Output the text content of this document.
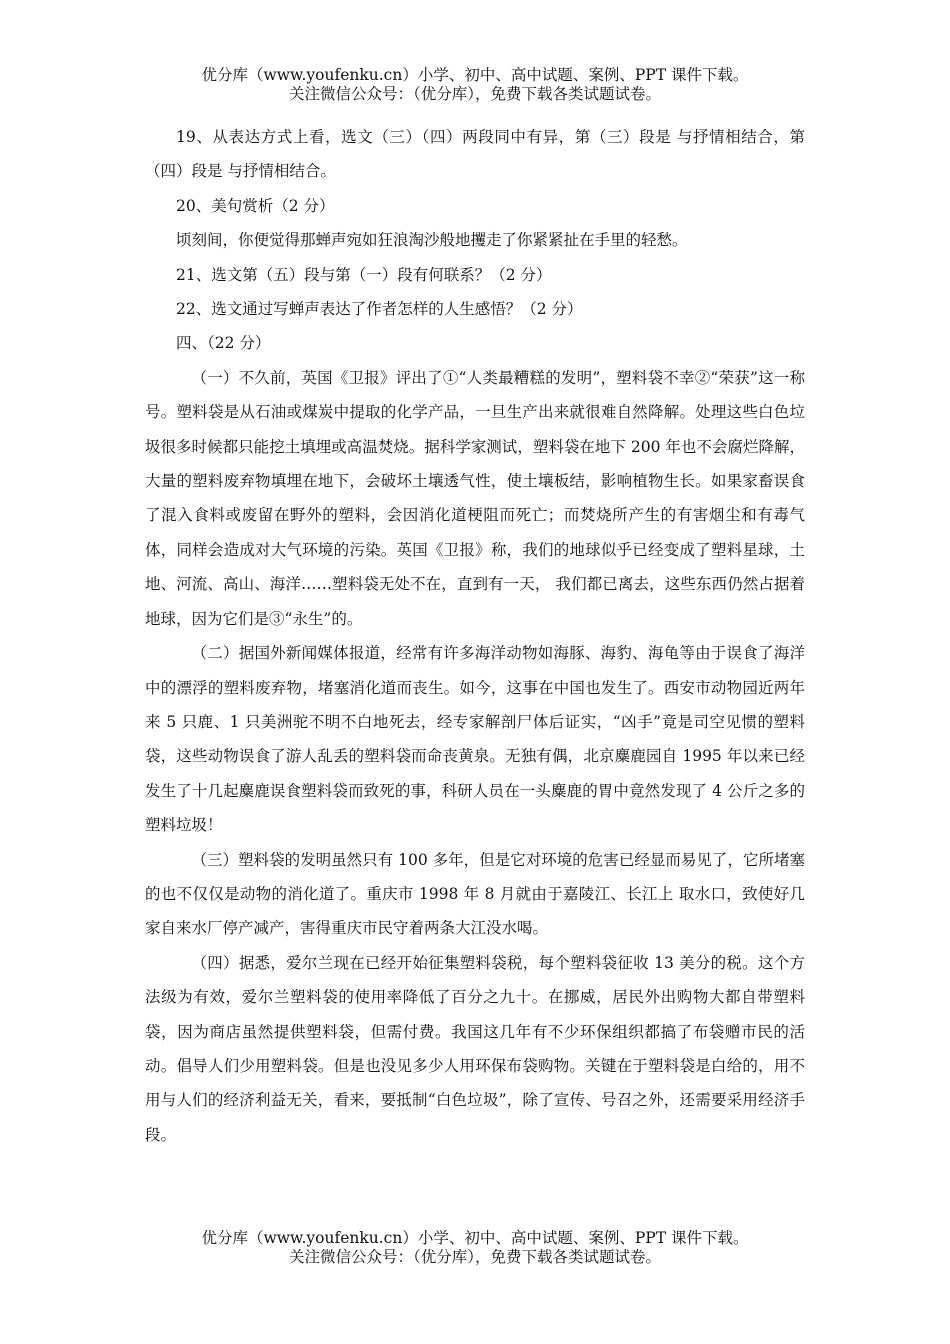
优分库（www.youfenku.cn）小学、初中、高中试题、案例、PPT 课件下载。
关注微信公众号：（优分库），免费下载各类试题试卷。

19、从表达方式上看，选文（三）（四）两段同中有异，第（三）段是 与抒情相结合，第（四）段是 与抒情相结合。

20、美句赏析（2 分）

顷刻间，你便觉得那蝉声宛如狂浪淘沙般地攫走了你紧紧扯在手里的轻愁。

21、选文第（五）段与第（一）段有何联系？（2 分）

22、选文通过写蝉声表达了作者怎样的人生感悟？（2 分）

四、（22 分）

（一）不久前，英国《卫报》评出了①“人类最糟糕的发明”，塑料袋不幸②“荣获”这一称号。塑料袋是从石油或煤炭中提取的化学产品，一旦生产出来就很难自然降解。处理这些白色垃圾很多时候都只能挖土填埋或高温焚烧。据科学家测试，塑料袋在地下 200 年也不会腐烂降解，大量的塑料废弃物填埋在地下，会破坏土壤透气性，使土壤板结，影响植物生长。如果家畜误食了混入食料或废留在野外的塑料，会因消化道梗阻而死亡；而焚烧所产生的有害烟尘和有毒气体，同样会造成对大气环境的污染。英国《卫报》称，我们的地球似乎已经变成了塑料星球，土地、河流、高山、海洋……塑料袋无处不在，直到有一天， 我们都已离去，这些东西仍然占据着地球，因为它们是③“永生”的。

（二）据国外新闻媒体报道，经常有许多海洋动物如海豚、海豹、海龟等由于误食了海洋中的漂浮的塑料废弃物，堵塞消化道而丧生。如今，这事在中国也发生了。西安市动物园近两年来 5 只鹿、1 只美洲驼不明不白地死去，经专家解剖尸体后证实，“凶手”竟是司空见惯的塑料袋，这些动物误食了游人乱丢的塑料袋而命丧黄泉。无独有偶，北京麋鹿园自 1995 年以来已经发生了十几起麋鹿误食塑料袋而致死的事，科研人员在一头麋鹿的胃中竟然发现了 4 公斤之多的塑料垃圾！

（三）塑料袋的发明虽然只有 100 多年，但是它对环境的危害已经显而易见了，它所堵塞的也不仅仅是动物的消化道了。重庆市 1998 年 8 月就由于嘉陵江、长江上 取水口，致使好几家自来水厂停产减产，害得重庆市民守着两条大江没水喝。

（四）据悉，爱尔兰现在已经开始征集塑料袋税，每个塑料袋征收 13 美分的税。这个方法级为有效，爱尔兰塑料袋的使用率降低了百分之九十。在挪威，居民外出购物大都自带塑料袋，因为商店虽然提供塑料袋，但需付费。我国这几年有不少环保组织都搞了布袋赠市民的活动。倡导人们少用塑料袋。但是也没见多少人用环保布袋购物。关键在于塑料袋是白给的，用不用与人们的经济利益无关，看来，要抵制“白色垃圾”，除了宣传、号召之外，还需要采用经济手段。

优分库（www.youfenku.cn）小学、初中、高中试题、案例、PPT 课件下载。
关注微信公众号：（优分库），免费下载各类试题试卷。
